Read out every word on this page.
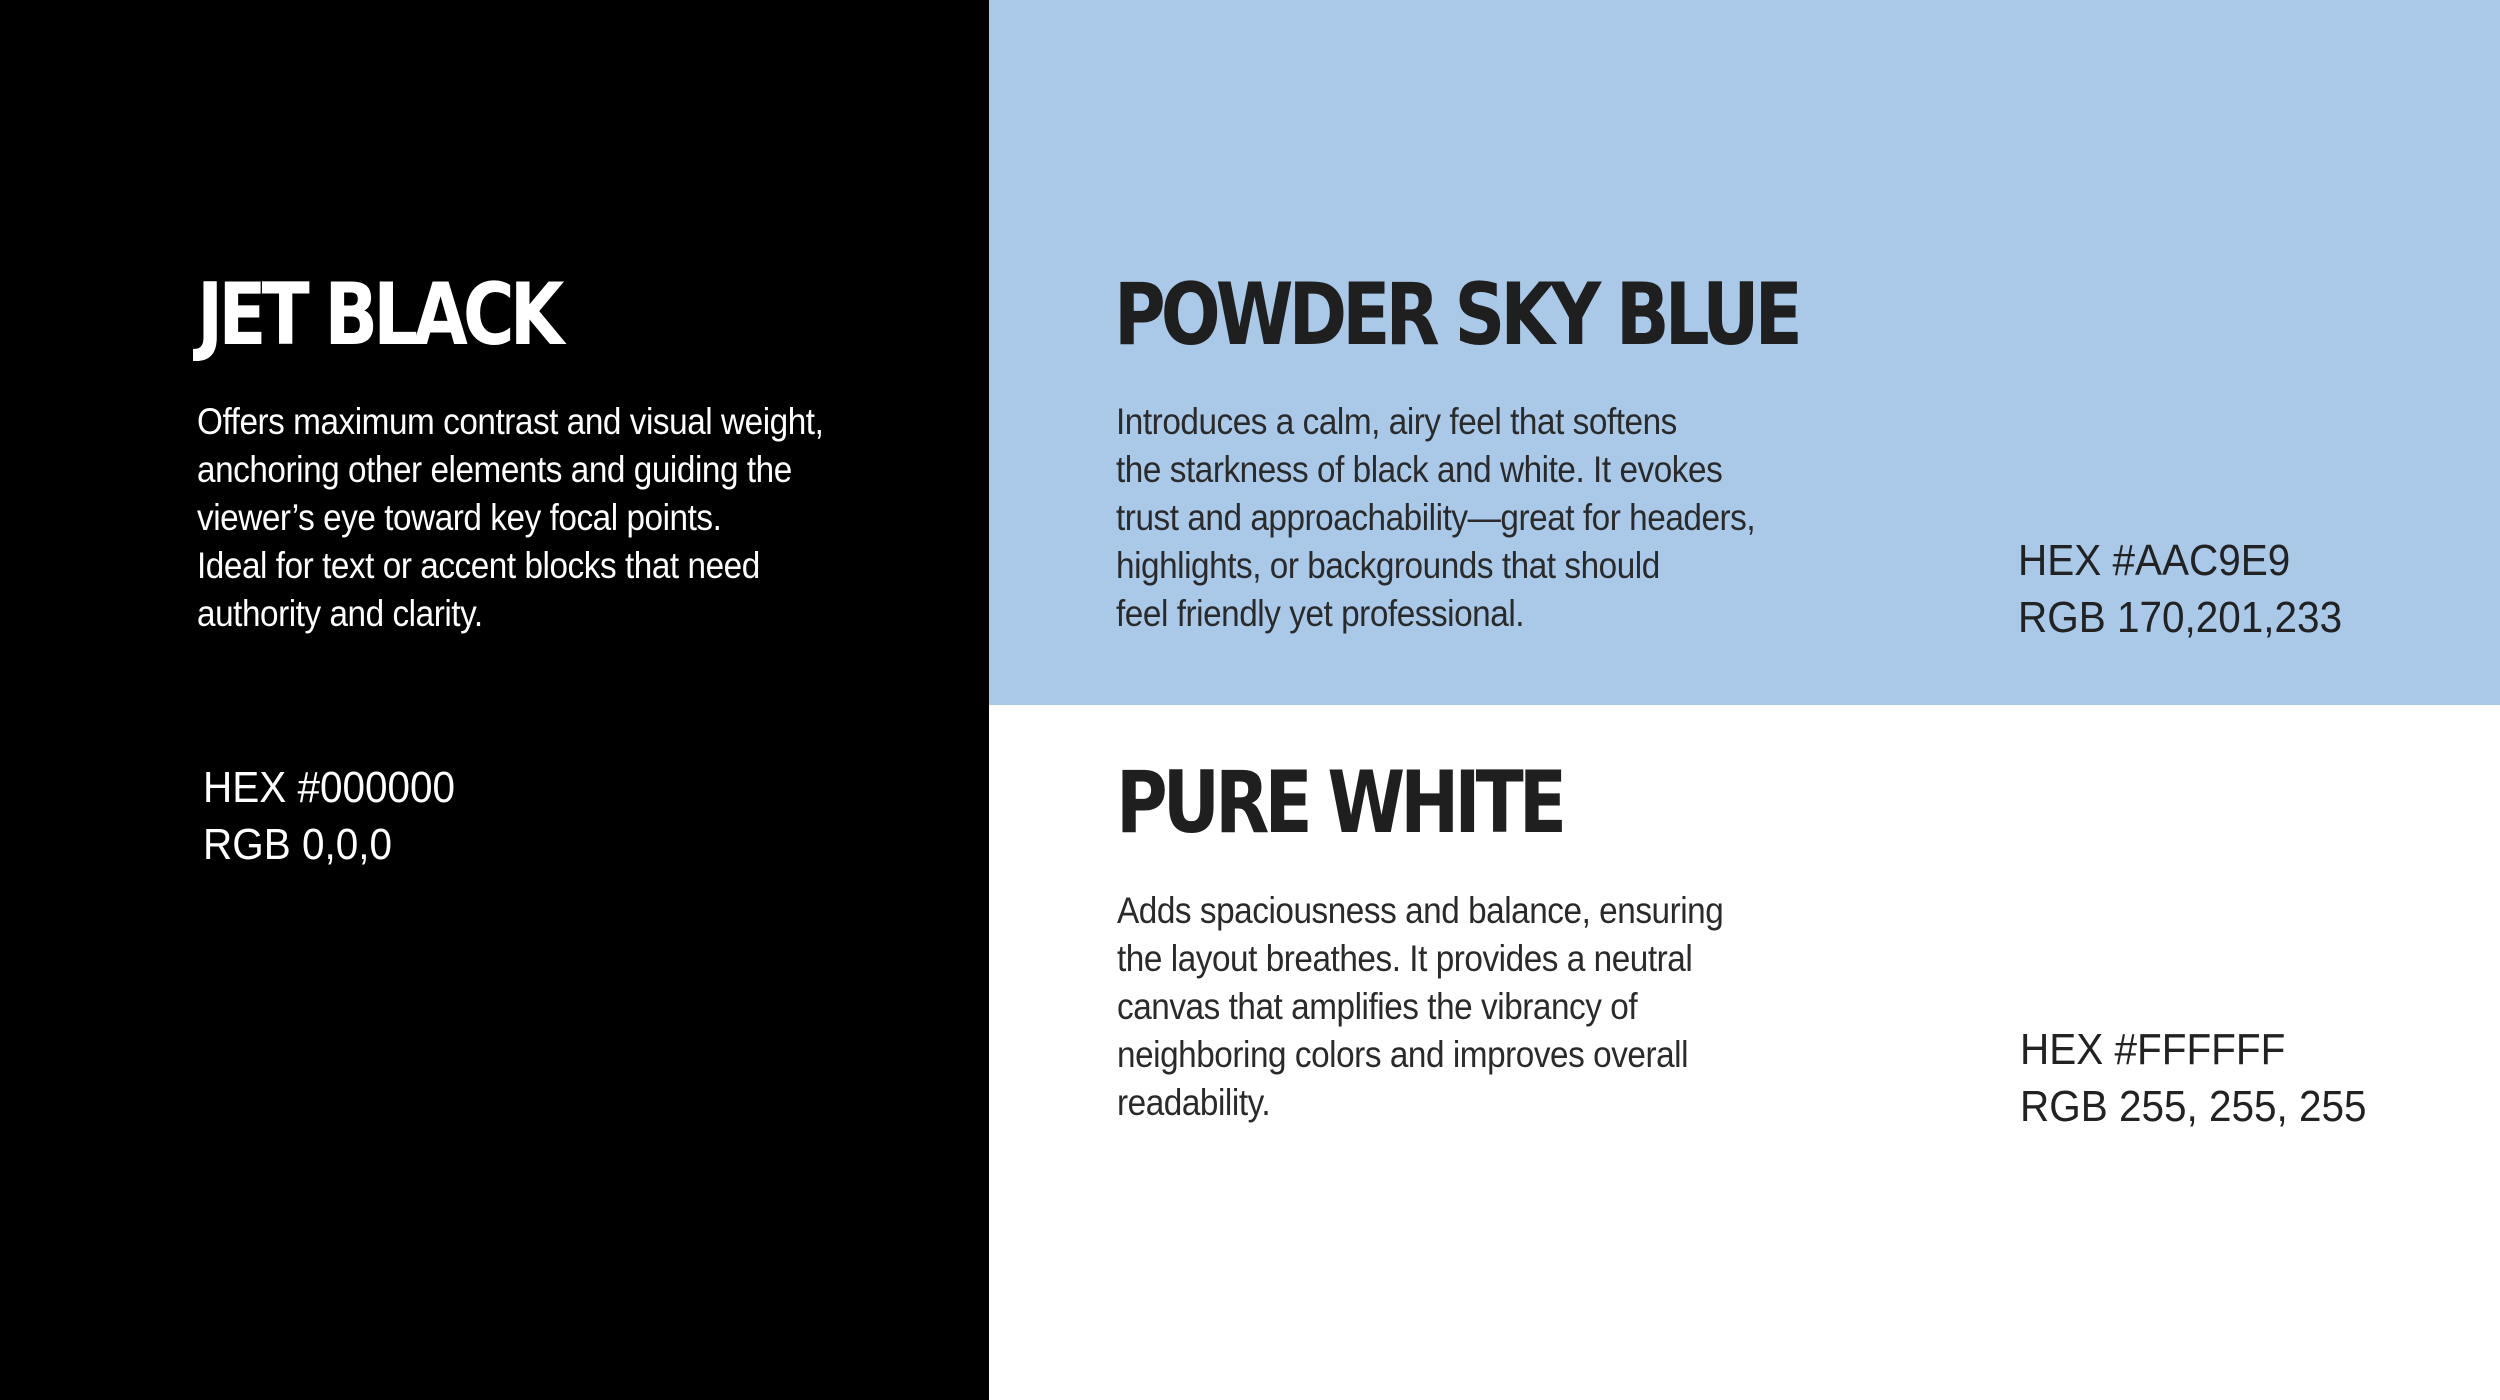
JET BLACK

Offers maximum contrast and visual weight,
anchoring other elements and guiding the
viewer’s eye toward key focal points.
Ideal for text or accent blocks that need
authority and clarity.

HEX #000000
RGB 0,0,0
POWDER SKY BLUE

Introduces a calm, airy feel that softens
the starkness of black and white. It evokes
trust and approachability—great for headers,
highlights, or backgrounds that should
feel friendly yet professional.

HEX #AAC9E9
RGB 170,201,233
PURE WHITE

Adds spaciousness and balance, ensuring
the layout breathes. It provides a neutral
canvas that amplifies the vibrancy of
neighboring colors and improves overall
readability.

HEX #FFFFFF
RGB 255, 255, 255
